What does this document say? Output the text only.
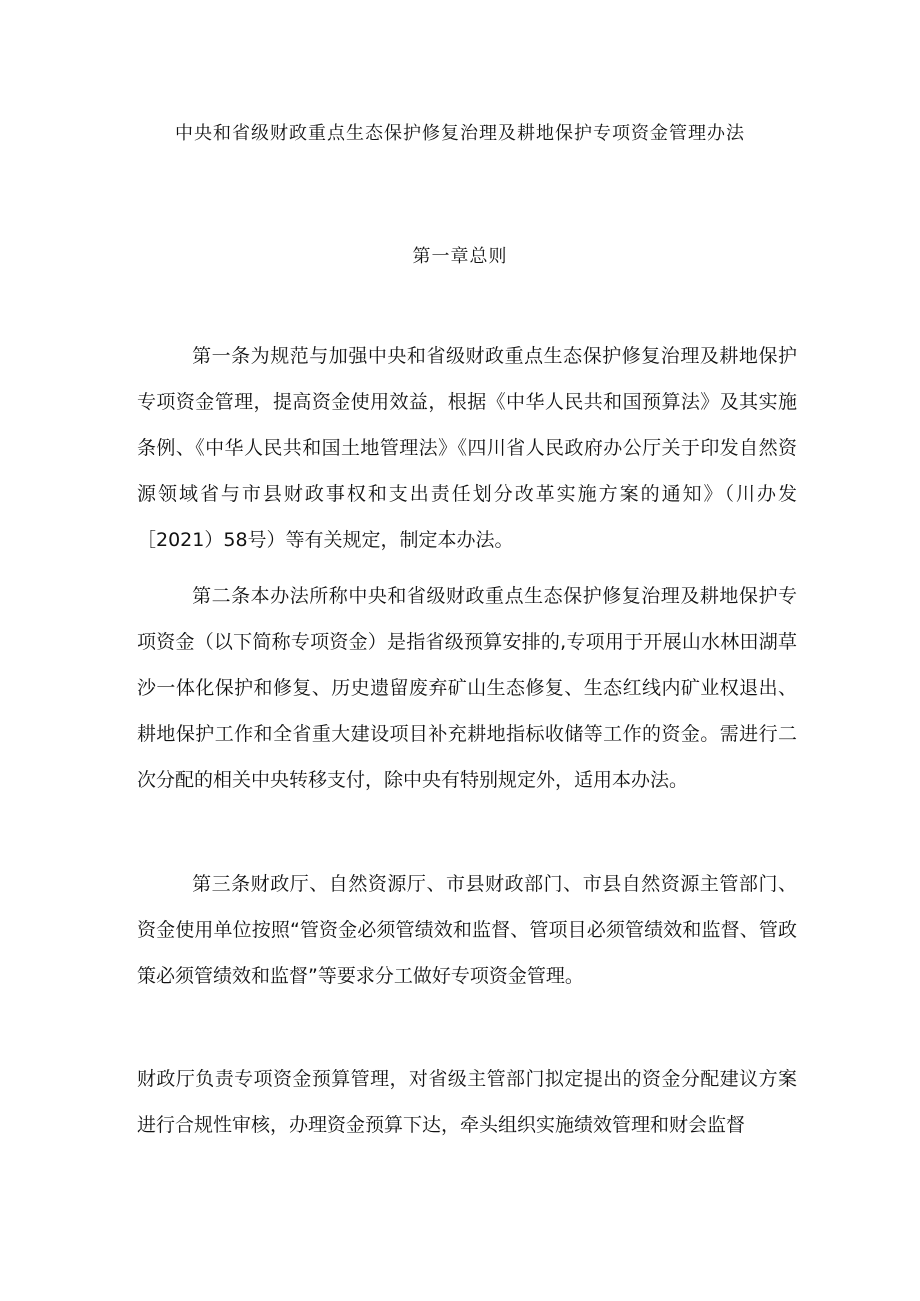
中央和省级财政重点生态保护修复治理及耕地保护专项资金管理办法
第一章总则

第一条为规范与加强中央和省级财政重点生态保护修复治理及耕地保护专项资金管理，提高资金使用效益，根据《中华人民共和国预算法》及其实施条例、《中华人民共和国土地管理法》《四川省人民政府办公厅关于印发自然资源领域省与市县财政事权和支出责任划分改革实施方案的通知》（川办发［2021）58号）等有关规定，制定本办法。

第二条本办法所称中央和省级财政重点生态保护修复治理及耕地保护专项资金（以下简称专项资金）是指省级预算安排的,专项用于开展山水林田湖草沙一体化保护和修复、历史遗留废弃矿山生态修复、生态红线内矿业权退出、耕地保护工作和全省重大建设项目补充耕地指标收储等工作的资金。需进行二次分配的相关中央转移支付，除中央有特别规定外，适用本办法。

第三条财政厅、自然资源厅、市县财政部门、市县自然资源主管部门、资金使用单位按照“管资金必须管绩效和监督、管项目必须管绩效和监督、管政策必须管绩效和监督”等要求分工做好专项资金管理。

财政厅负责专项资金预算管理，对省级主管部门拟定提出的资金分配建议方案进行合规性审核，办理资金预算下达，牵头组织实施绩效管理和财会监督
